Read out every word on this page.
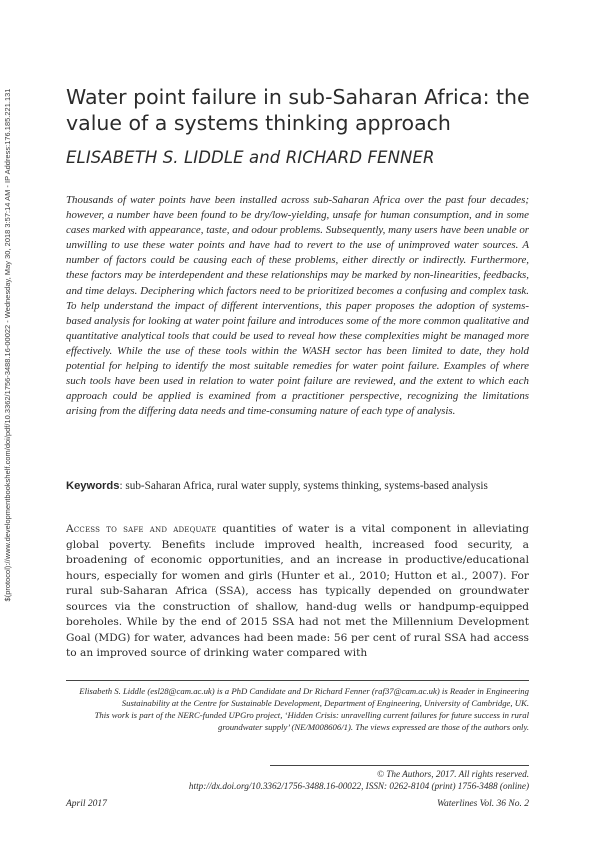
$(protocol)://www.developmentbookshelf.com/doi/pdf/10.3362/1756-3488.16-00022 - Wednesday, May 30, 2018 3:57:14 AM - IP Address:176.185.221.131	Water point failure in sub-Saharan Africa: the value of a systems thinking approach
ELISABETH S. LIDDLE and RICHARD FENNER

Thousands of water points have been installed across sub-Saharan Africa over the past four decades; however, a number have been found to be dry/low-yielding, unsafe for human consumption, and in some cases marked with appearance, taste, and odour problems. Subsequently, many users have been unable or unwilling to use these water points and have had to revert to the use of unimproved water sources. A number of factors could be causing each of these problems, either directly or indirectly. Furthermore, these factors may be interdependent and these relationships may be marked by non-linearities, feedbacks, and time delays. Deciphering which factors need to be prioritized becomes a confusing and complex task. To help understand the impact of different interventions, this paper proposes the adoption of systems-based analysis for looking at water point failure and introduces some of the more common qualitative and quantitative analytical tools that could be used to reveal how these complexities might be managed more effectively. While the use of these tools within the WASH sector has been limited to date, they hold potential for helping to identify the most suitable remedies for water point failure. Examples of where such tools have been used in relation to water point failure are reviewed, and the extent to which each approach could be applied is examined from a practitioner perspective, recognizing the limitations arising from the differing data needs and time-consuming nature of each type of analysis.

Keywords: sub-Saharan Africa, rural water supply, systems thinking, systems-based analysis

Access to safe and adequate quantities of water is a vital component in alleviating global poverty. Benefits include improved health, increased food security, a broadening of economic opportunities, and an increase in productive/educational hours, especially for women and girls (Hunter et al., 2010; Hutton et al., 2007). For rural sub-Saharan Africa (SSA), access has typically depended on groundwater sources via the construction of shallow, hand-dug wells or handpump-equipped boreholes. While by the end of 2015 SSA had not met the Millennium Development Goal (MDG) for water, advances had been made: 56 per cent of rural SSA had access to an improved source of drinking water compared with

Elisabeth S. Liddle (esl28@cam.ac.uk) is a PhD Candidate and Dr Richard Fenner (raf37@cam.ac.uk) is Reader in Engineering Sustainability at the Centre for Sustainable Development, Department of Engineering, University of Cambridge, UK.

This work is part of the NERC-funded UPGro project, ‘Hidden Crisis: unravelling current failures for future success in rural groundwater supply’ (NE/M008606/1). The views expressed are those of the authors only.

© The Authors, 2017. All rights reserved.

http://dx.doi.org/10.3362/1756-3488.16-00022, ISSN: 0262-8104 (print) 1756-3488 (online)

April 2017	Waterlines Vol. 36 No. 2
